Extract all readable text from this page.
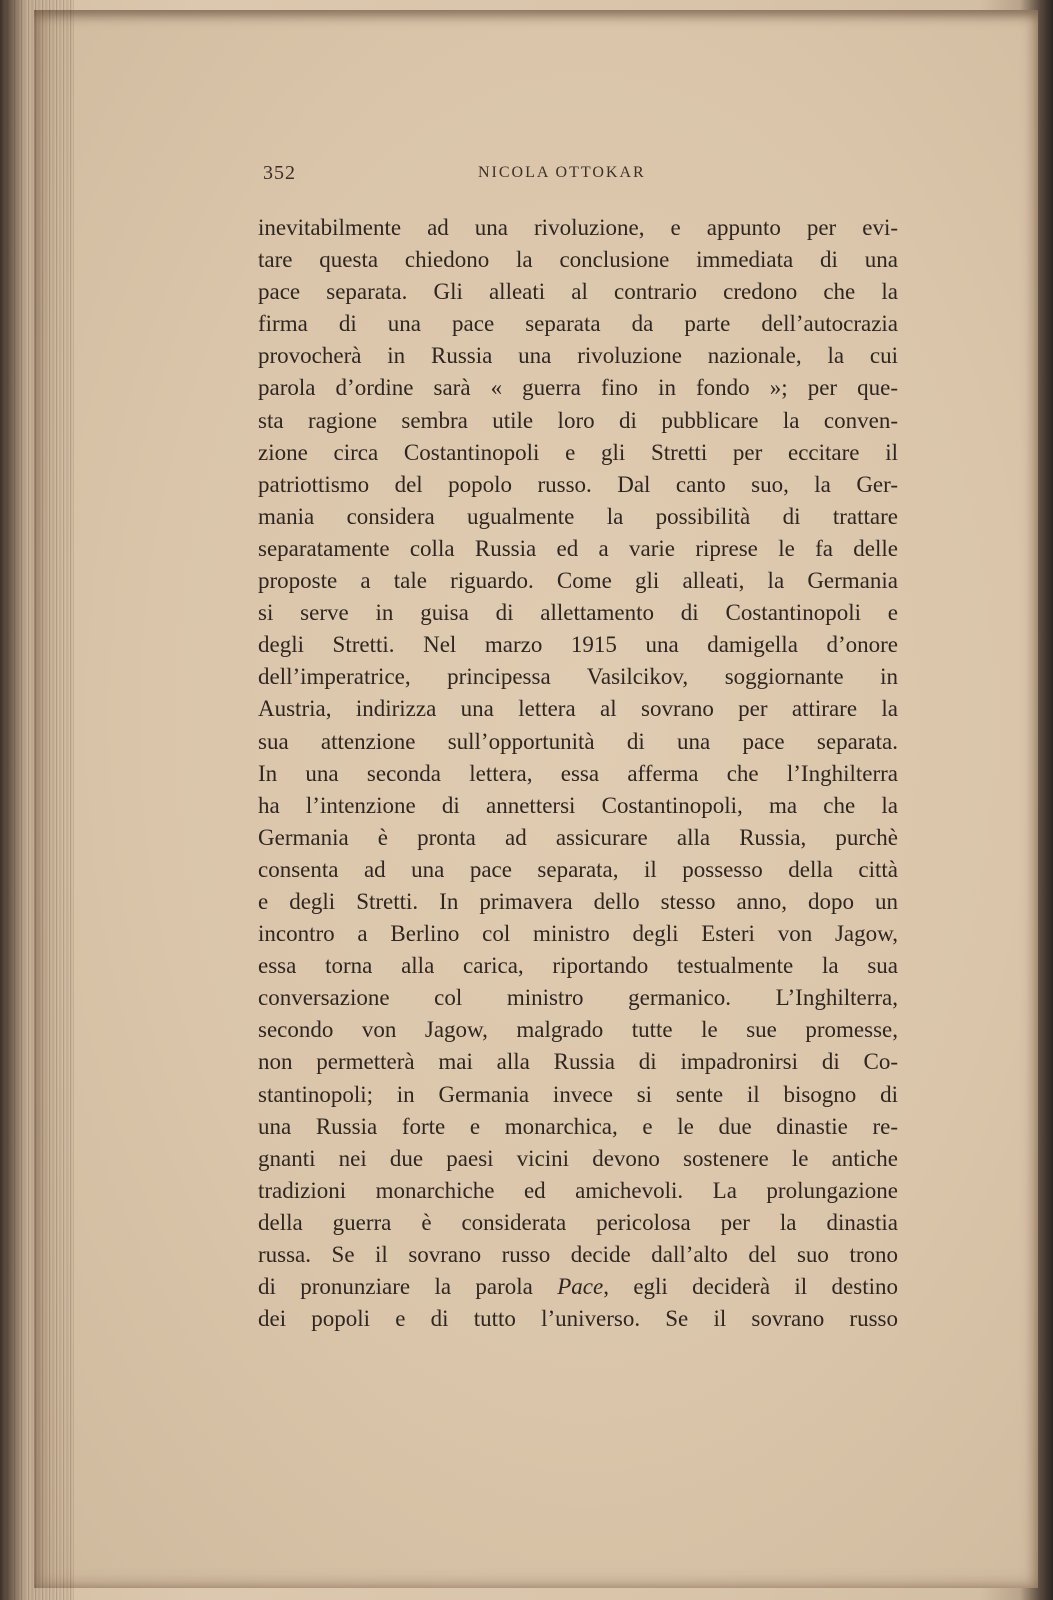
352	NICOLA OTTOKAR
inevitabilmente ad una rivoluzione, e appunto per evi-
tare questa chiedono la conclusione immediata di una
pace separata. Gli alleati al contrario credono che la
firma di una pace separata da parte dell’autocrazia
provocherà in Russia una rivoluzione nazionale, la cui
parola d’ordine sarà « guerra fino in fondo »; per que-
sta ragione sembra utile loro di pubblicare la conven-
zione circa Costantinopoli e gli Stretti per eccitare il
patriottismo del popolo russo. Dal canto suo, la Ger-
mania considera ugualmente la possibilità di trattare
separatamente colla Russia ed a varie riprese le fa delle
proposte a tale riguardo. Come gli alleati, la Germania
si serve in guisa di allettamento di Costantinopoli e
degli Stretti. Nel marzo 1915 una damigella d’onore
dell’imperatrice, principessa Vasilcikov, soggiornante in
Austria, indirizza una lettera al sovrano per attirare la
sua attenzione sull’opportunità di una pace separata.
In una seconda lettera, essa afferma che l’Inghilterra
ha l’intenzione di annettersi Costantinopoli, ma che la
Germania è pronta ad assicurare alla Russia, purchè
consenta ad una pace separata, il possesso della città
e degli Stretti. In primavera dello stesso anno, dopo un
incontro a Berlino col ministro degli Esteri von Jagow,
essa torna alla carica, riportando testualmente la sua
conversazione col ministro germanico. L’Inghilterra,
secondo von Jagow, malgrado tutte le sue promesse,
non permetterà mai alla Russia di impadronirsi di Co-
stantinopoli; in Germania invece si sente il bisogno di
una Russia forte e monarchica, e le due dinastie re-
gnanti nei due paesi vicini devono sostenere le antiche
tradizioni monarchiche ed amichevoli. La prolungazione
della guerra è considerata pericolosa per la dinastia
russa. Se il sovrano russo decide dall’alto del suo trono
di pronunziare la parola Pace, egli deciderà il destino
dei popoli e di tutto l’universo. Se il sovrano russo
